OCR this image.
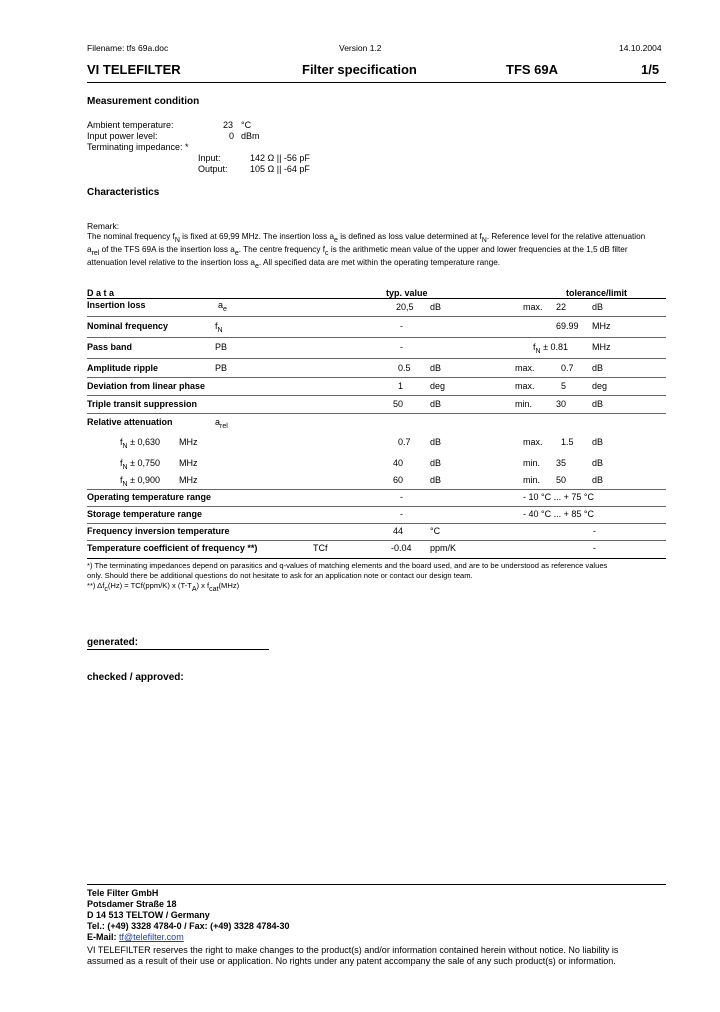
Filename: tfs 69a.doc	Version 1.2	14.10.2004
VI TELEFILTER	Filter specification	TFS 69A	1/5
Measurement condition
Ambient temperature:	23 °C
Input power level:	0 dBm
Terminating impedance: *
Input:	142 Ω || -56 pF
Output: 105 Ω || -64 pF
Characteristics
Remark:
The nominal frequency fN is fixed at 69,99 MHz. The insertion loss ae is defined as loss value determined at fN. Reference level for the relative attenuation
arel of the TFS 69A is the insertion loss ae. The centre frequency fc is the arithmetic mean value of the upper and lower frequencies at the 1,5 dB filter
attenuation level relative to the insertion loss ae. All specified data are met within the operating temperature range.
D a t a	typ. value	tolerance/limit
Insertion loss	$a_e$	20,5 dB	max. 22	dB
Nominal frequency	$f_N$	-	69.99 MHz
Pass band	PB	-	$f_N \pm 0.81$	MHz
Amplitude ripple	PB	0.5 dB	max.	0.7 dB
Deviation from linear phase	1	deg	max.	5	deg
Triple transit suppression	50	dB	min.	30	dB
Relative attenuation	$a_{rel}$
$f_N \pm 0,630$ MHz	0.7 dB	max. 1.5 dB
$f_N \pm 0,750$ MHz	40	dB	min. 35	dB
$f_N \pm 0,900$ MHz	60	dB	min. 50	dB
Operating temperature range	-	- 10 °C ... + 75 °C
Storage temperature range	-	- 40 °C ... + 85 °C
Frequency inversion temperature	44	°C	-
Temperature coefficient of frequency **)	TCf	-0.04 ppm/K	-
*) The terminating impedances depend on parasitics and q-values of matching elements and the board used, and are to be understood as reference values
only. Should there be additional questions do not hesitate to ask for an application note or contact our design team.
**) Δfc(Hz) = TCf(ppm/K) x (T-TA) x fcat(MHz)
generated:
checked / approved:
Tele Filter GmbH
Potsdamer Straße 18
D 14 513 TELTOW / Germany
Tel.: (+49) 3328 4784-0 / Fax: (+49) 3328 4784-30
E-Mail: tf@telefilter.com
VI TELEFILTER reserves the right to make changes to the product(s) and/or information contained herein without notice. No liability is
assumed as a result of their use or application. No rights under any patent accompany the sale of any such product(s) or information.
